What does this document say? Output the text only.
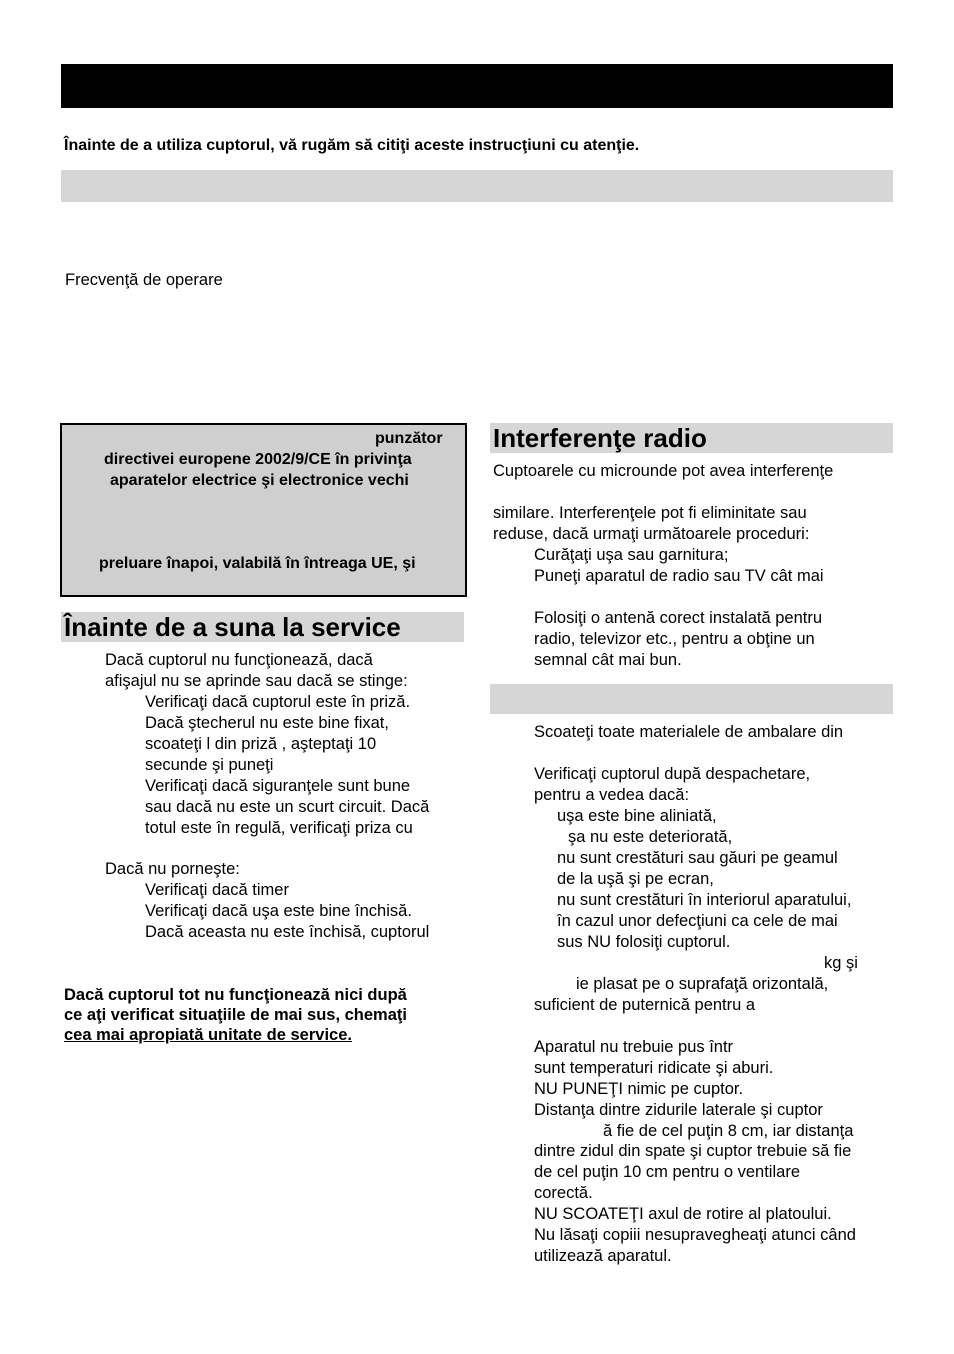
Înainte de a utiliza cuptorul, vă rugăm să citiţi aceste instrucţiuni cu atenţie.
Frecvenţă de operare
punzător
directivei europene 2002/9/CE în privinţa
aparatelor electrice şi electronice vechi
preluare înapoi, valabilă în întreaga UE, şi
Înainte de a suna la service
Dacă cuptorul nu funcţionează, dacă
afişajul nu se aprinde sau dacă se stinge:
Verificaţi dacă cuptorul este în priză.
Dacă ştecherul nu este bine fixat,
scoateţi l din priză , aşteptaţi 10
secunde şi puneţi
Verificaţi dacă siguranţele sunt bune
sau dacă nu este un scurt circuit. Dacă
totul este în regulă, verificaţi priza cu
Dacă nu porneşte:
Verificaţi dacă timer
Verificaţi dacă uşa este bine închisă.
Dacă aceasta nu este închisă, cuptorul
Dacă cuptorul tot nu funcţionează nici după
ce aţi verificat situaţiile de mai sus, chemaţi
cea mai apropiată unitate de service.
Interferenţe radio
Cuptoarele cu microunde pot avea interferenţe
similare. Interferenţele pot fi eliminitate sau
reduse, dacă urmaţi următoarele proceduri:
Curăţaţi uşa sau garnitura;
Puneţi aparatul de radio sau TV cât mai
Folosiţi o antenă corect instalată pentru
radio, televizor etc., pentru a obţine un
semnal cât mai bun.
Scoateţi toate materialele de ambalare din
Verificaţi cuptorul după despachetare,
pentru a vedea dacă:
uşa este bine aliniată,
şa nu este deteriorată,
nu sunt crestături sau găuri pe geamul
de la uşă şi pe ecran,
nu sunt crestături în interiorul aparatului,
în cazul unor defecţiuni ca cele de mai
sus NU folosiţi cuptorul.
kg şi
ie plasat pe o suprafaţă orizontală,
suficient de puternică pentru a
Aparatul nu trebuie pus într
sunt temperaturi ridicate şi aburi.
NU PUNEŢI nimic pe cuptor.
Distanţa dintre zidurile laterale şi cuptor
ă fie de cel puţin 8 cm, iar distanţa
dintre zidul din spate şi cuptor trebuie să fie
de cel puţin 10 cm pentru o ventilare
corectă.
NU SCOATEŢI axul de rotire al platoului.
Nu lăsaţi copiii nesupravegheaţi atunci când
utilizează aparatul.
